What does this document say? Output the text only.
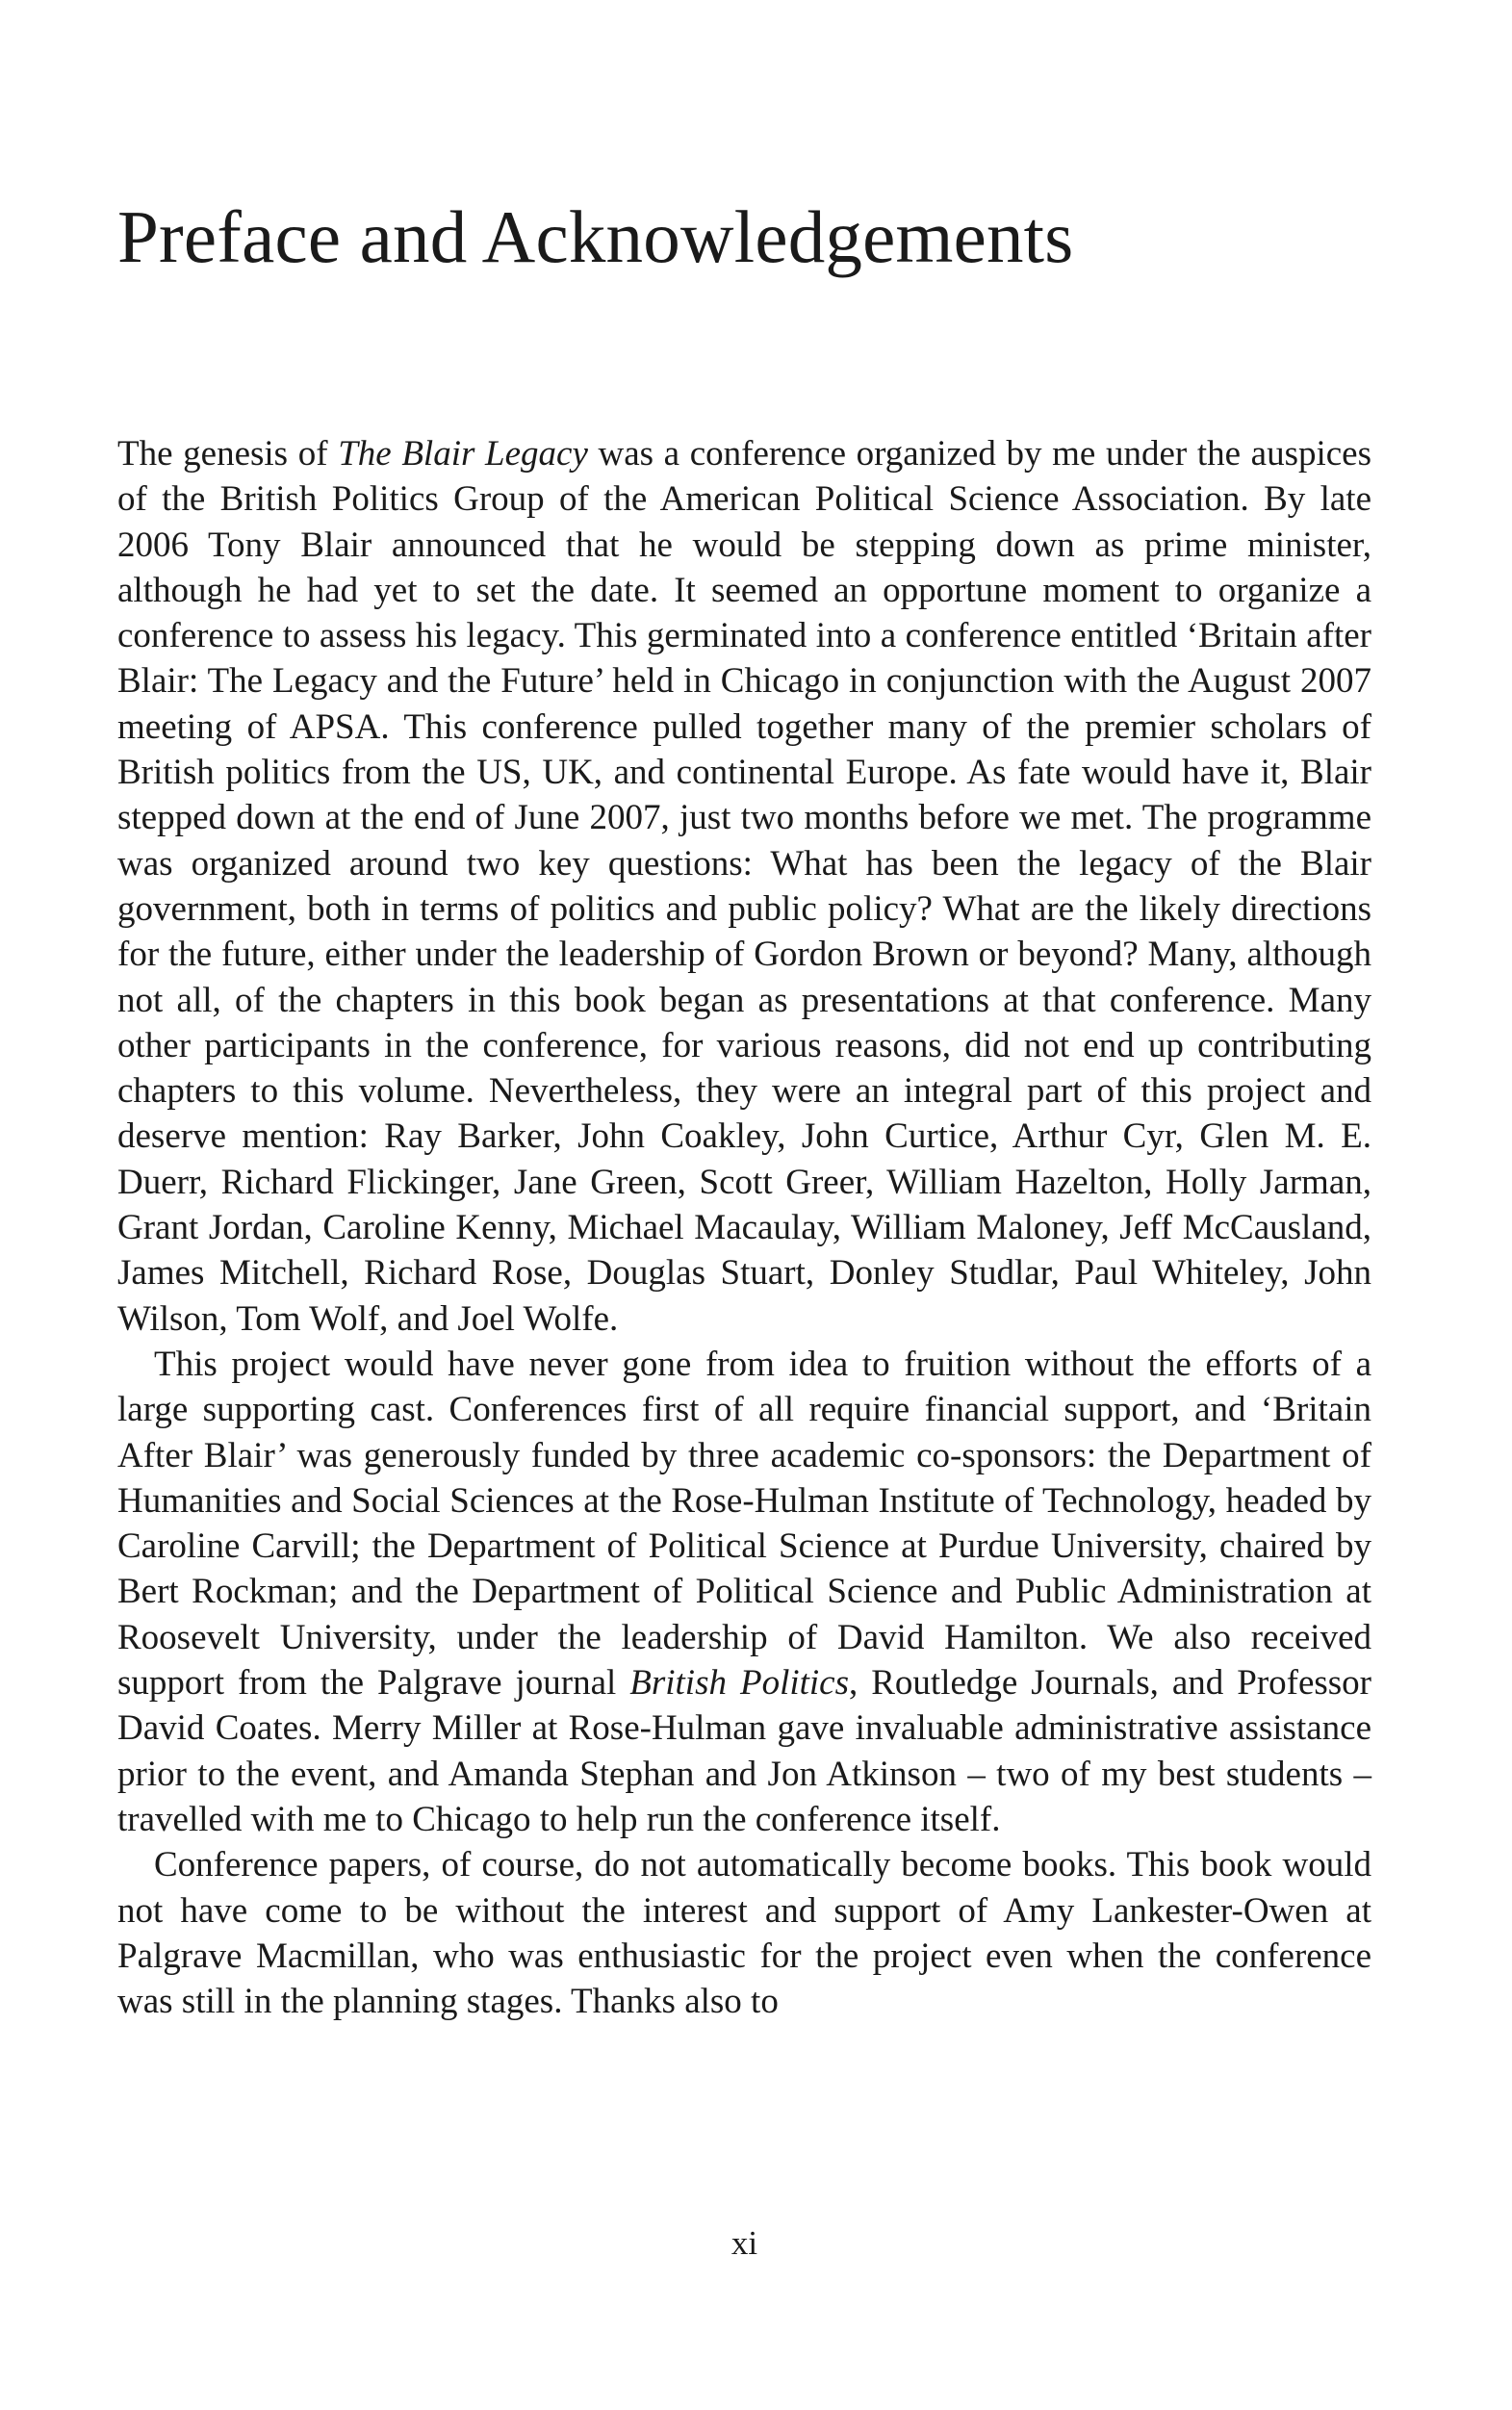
Preface and Acknowledgements

The genesis of The Blair Legacy was a conference organized by me under the auspices of the British Politics Group of the American Political Science Association. By late 2006 Tony Blair announced that he would be stepping down as prime minister, although he had yet to set the date. It seemed an opportune moment to organize a conference to assess his legacy. This germinated into a conference entitled ‘Britain after Blair: The Legacy and the Future’ held in Chicago in conjunction with the August 2007 meeting of APSA. This conference pulled together many of the premier scholars of British politics from the US, UK, and continental Europe. As fate would have it, Blair stepped down at the end of June 2007, just two months before we met. The programme was organized around two key questions: What has been the legacy of the Blair government, both in terms of politics and public policy? What are the likely directions for the future, either under the leadership of Gordon Brown or beyond? Many, although not all, of the chapters in this book began as presentations at that conference. Many other participants in the conference, for various reasons, did not end up contributing chapters to this volume. Nevertheless, they were an integral part of this project and deserve mention: Ray Barker, John Coakley, John Curtice, Arthur Cyr, Glen M. E. Duerr, Richard Flickinger, Jane Green, Scott Greer, William Hazelton, Holly Jarman, Grant Jordan, Caroline Kenny, Michael Macaulay, William Maloney, Jeff McCausland, James Mitchell, Richard Rose, Douglas Stuart, Donley Studlar, Paul Whiteley, John Wilson, Tom Wolf, and Joel Wolfe.

This project would have never gone from idea to fruition without the efforts of a large supporting cast. Conferences first of all require financial support, and ‘Britain After Blair’ was generously funded by three academic co-sponsors: the Department of Humanities and Social Sciences at the Rose-Hulman Institute of Technology, headed by Caroline Carvill; the Department of Political Science at Purdue University, chaired by Bert Rockman; and the Department of Political Science and Public Administration at Roosevelt University, under the leadership of David Hamilton. We also received support from the Palgrave journal British Politics, Routledge Journals, and Professor David Coates. Merry Miller at Rose-Hulman gave invaluable administrative assistance prior to the event, and Amanda Stephan and Jon Atkinson – two of my best students – travelled with me to Chicago to help run the conference itself.

Conference papers, of course, do not automatically become books. This book would not have come to be without the interest and support of Amy Lankester-Owen at Palgrave Macmillan, who was enthusiastic for the project even when the conference was still in the planning stages. Thanks also to

xi
